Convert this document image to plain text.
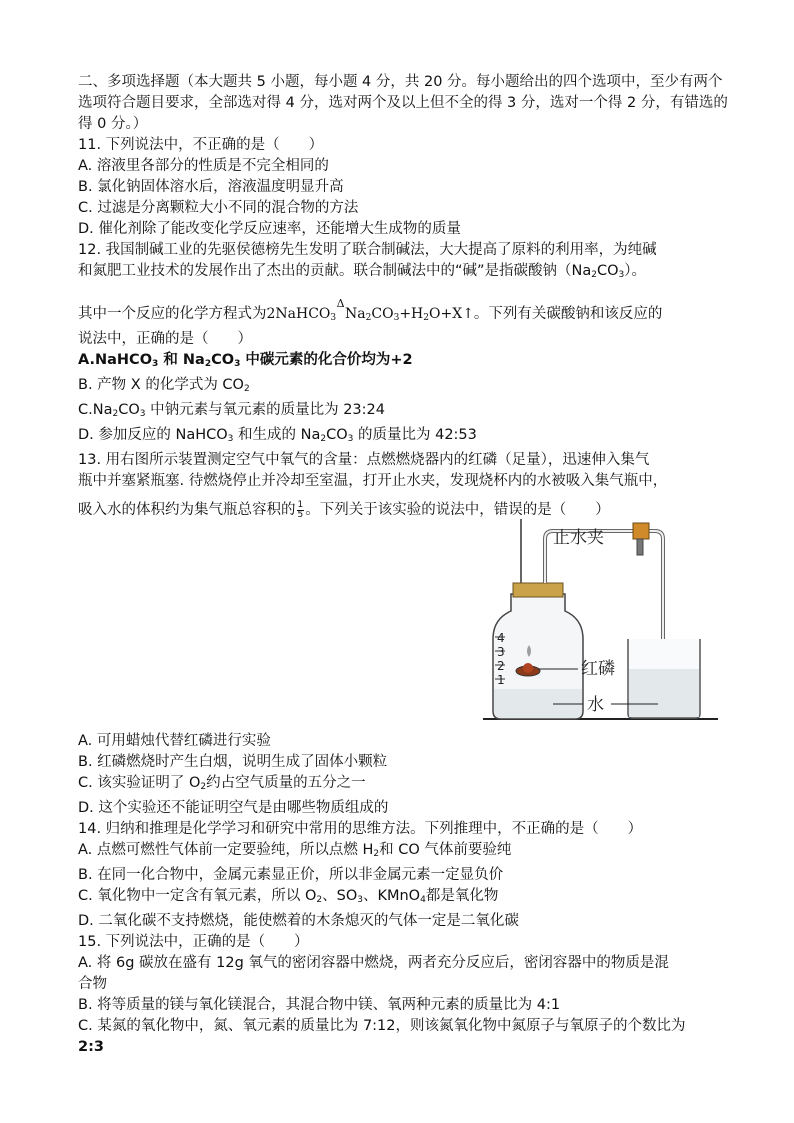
二、多项选择题（本大题共 5 小题，每小题 4 分，共 20 分。每小题给出的四个选项中，至少有两个选项符合题目要求，全部选对得 4 分，选对两个及以上但不全的得 3 分，选对一个得 2 分，有错选的得 0 分。）
11. 下列说法中，不正确的是（　　）
A. 溶液里各部分的性质是不完全相同的
B. 氯化钠固体溶水后，溶液温度明显升高
C. 过滤是分离颗粒大小不同的混合物的方法
D. 催化剂除了能改变化学反应速率，还能增大生成物的质量
12. 我国制碱工业的先驱侯德榜先生发明了联合制碱法，大大提高了原料的利用率，为纯碱
和氮肥工业技术的发展作出了杰出的贡献。联合制碱法中的“碱”是指碳酸钠$(Na_2CO_3)$。
其中一个反应的化学方程式为2NaHCO$_3$
Δ
$Na_2CO_3+H_2O+X↑$。下列有关碳酸钠和该反应的
说法中，正确的是（　　）
A.NaHCO$_3$ 和 $Na_2CO_3$ 中碳元素的化合价均为+2
B. 产物 X 的化学式为 $CO_2$
$C.Na_2CO_3$ 中钠元素与氧元素的质量比为 23:24
D. 参加反应的 NaHCO$_3$ 和生成的 $Na_2CO_3$ 的质量比为 42:53
13. 用右图所示装置测定空气中氧气的含量：点燃燃烧器内的红磷（足量），迅速伸入集气
瓶中并塞紧瓶塞. 待燃烧停止并冷却至室温，打开止水夹，发现烧杯内的水被吸入集气瓶中，
吸入水的体积约为集气瓶总容积的 $\frac{1}{5}$ 。下列关于该实验的说法中，错误的是（　　）
A. 可用蜡烛代替红磷进行实验
B. 红磷燃烧时产生白烟，说明生成了固体小颗粒
C. 该实验证明了 $O_2$约占空气质量的五分之一
D. 这个实验还不能证明空气是由哪些物质组成的
14. 归纳和推理是化学学习和研究中常用的思维方法。下列推理中，不正确的是（　　）
A. 点燃可燃性气体前一定要验纯，所以点燃 $H_2$和 CO 气体前要验纯
B. 在同一化合物中，金属元素显正价，所以非金属元素一定显负价
C. 氧化物中一定含有氧元素，所以 $O_2$、$SO_3$、KMnO$_4$都是氧化物
D. 二氧化碳不支持燃烧，能使燃着的木条熄灭的气体一定是二氧化碳
15. 下列说法中，正确的是（　　）
A. 将 6g 碳放在盛有 12g 氧气的密闭容器中燃烧，两者充分反应后，密闭容器中的物质是混
合物
B. 将等质量的镁与氧化镁混合，其混合物中镁、氧两种元素的质量比为 4:1
C. 某氮的氧化物中，氮、氧元素的质量比为 7:12，则该氮氧化物中氮原子与氧原子的个数比为
2:3
4
3
2
1
止水夹
红磷
水
